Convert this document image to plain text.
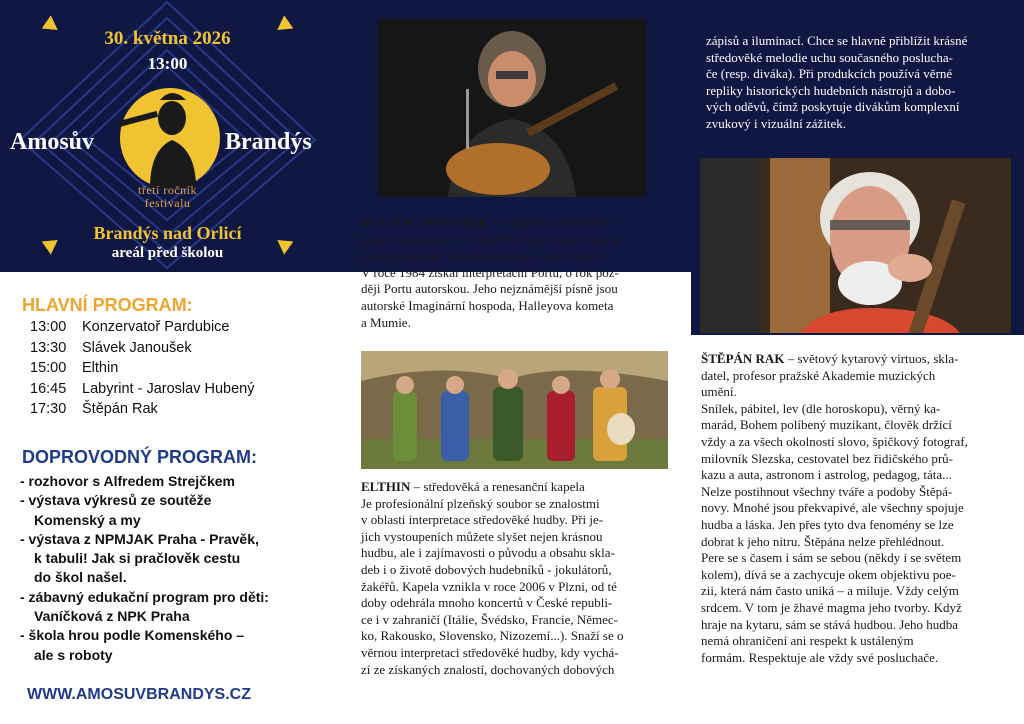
30. května 2026
13:00
Amosův	Brandýs
třetí ročník
festivalu
Brandýs nad Orlicí
areál před školou
HLAVNÍ PROGRAM:
13:00	Konzervatoř Pardubice
13:30	Slávek Janoušek
15:00	Elthin
16:45	Labyrint - Jaroslav Hubený
17:30	Štěpán Rak
DOPROVODNÝ PROGRAM:
- rozhovor s Alfredem Strejčkem
- výstava výkresů ze soutěže
Komenský a my
- výstava z NPMJAK Praha - Pravěk,
k tabuli! Jak si pračlověk cestu
do škol našel.
- zábavný edukační program pro děti:
Vaníčková z NPK Praha
- škola hrou podle Komenského –
ale s roboty
WWW.AMOSUVBRANDYS.CZ
SLÁVEK JANOUŠEK – vlastním jménem Mi-
roslav Janoušek (* 9. září 1953 Ústí nad Orlicí) je
český písničkář, textař, kytarista a autor hudby.
V roce 1984 získal interpretační Portu, o rok poz-
ději Portu autorskou. Jeho nejznámější písně jsou
autorské Imaginární hospoda, Halleyova kometa
a Mumie.
ELTHIN – středověká a renesanční kapela
Je profesionální plzeňský soubor se znalostmi
v oblasti interpretace středověké hudby. Při je-
jich vystoupeních můžete slyšet nejen krásnou
hudbu, ale i zajímavosti o původu a obsahu skla-
deb i o životě dobových hudebníků - jokulátorů,
žakéřů. Kapela vznikla v roce 2006 v Plzni, od té
doby odehrála mnoho koncertů v České republi-
ce i v zahraničí (Itálie, Švédsko, Francie, Němec-
ko, Rakousko, Slovensko, Nizozemí...). Snaží se o
věrnou interpretaci středověké hudby, kdy vychá-
zí ze získaných znalostí, dochovaných dobových
zápisů a iluminací. Chce se hlavně přiblížit krásné
středověké melodie uchu současného posluchа-
če (resp. diváka). Při produkcích používá věrné
repliky historických hudebních nástrojů a dobo-
vých oděvů, čímž poskytuje divákům komplexní
zvukový i vizuální zážitek.
ŠTĚPÁN RAK – světový kytarový virtuos, skla-
datel, profesor pražské Akademie muzických
umění.
Snílek, pábitel, lev (dle horoskopu), věrný ka-
marád, Bohem políbený muzikant, člověk držící
vždy a za všech okolností slovo, špičkový fotograf,
milovník Slezska, cestovatel bez řidičského prů-
kazu a auta, astronom i astrolog, pedagog, táta...
Nelze postihnout všechny tváře a podoby Štěpá-
novy. Mnohé jsou překvapivé, ale všechny spojuje
hudba a láska. Jen přes tyto dva fenomény se lze
dobrat k jeho nitru. Štěpána nelze přehlédnout.
Pere se s časem i sám se sebou (někdy i se světem
kolem), dívá se a zachycuje okem objektivu poe-
zii, která nám často uniká – a miluje. Vždy celým
srdcem. V tom je žhavé magma jeho tvorby. Když
hraje na kytaru, sám se stává hudbou. Jeho hudba
nemá ohraničení ani respekt k ustáleným
formám. Respektuje ale vždy své posluchače.
